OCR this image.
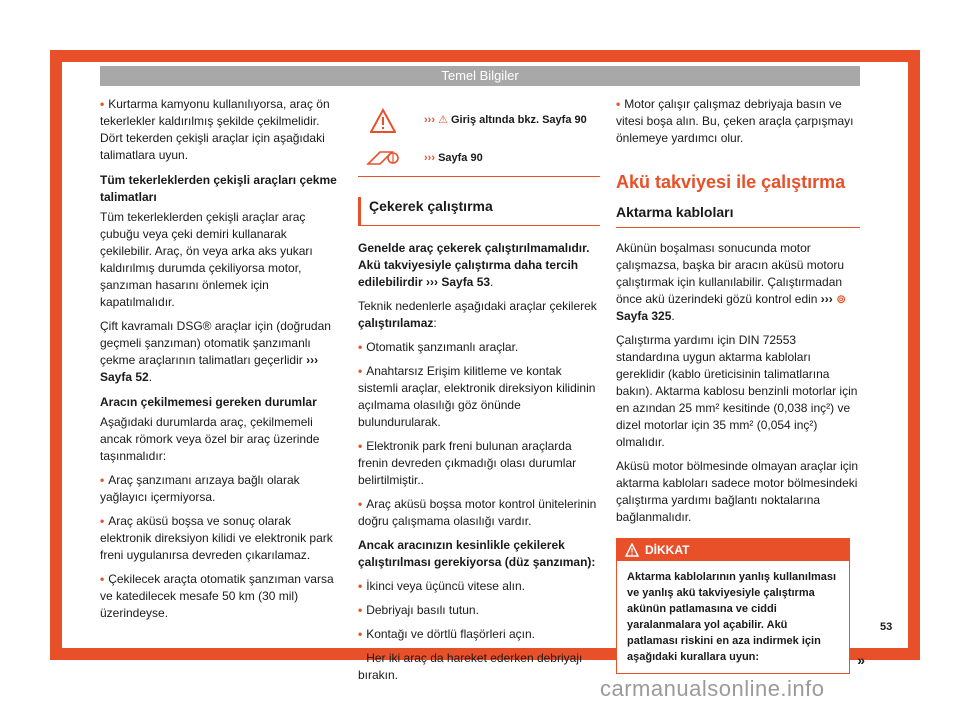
Temel Bilgiler

• Kurtarma kamyonu kullanılıyorsa, araç ön tekerlekler kaldırılmış şekilde çekilmelidir. Dört tekerden çekişli araçlar için aşağıdaki talimatlara uyun.

Tüm tekerleklerden çekişli araçları çekme talimatları

Tüm tekerleklerden çekişli araçlar araç çubuğu veya çeki demiri kullanarak çekilebilir. Araç, ön veya arka aks yukarı kaldırılmış durumda çekiliyorsa motor, şanzıman hasarını önlemek için kapatılmalıdır.

Çift kavramalı DSG® araçlar için (doğrudan geçmeli şanzıman) otomatik şanzımanlı çekme araçlarının talimatları geçerlidir ››› Sayfa 52.

Aracın çekilmemesi gereken durumlar

Aşağıdaki durumlarda araç, çekilmemeli ancak römork veya özel bir araç üzerinde taşınmalıdır:

• Araç şanzımanı arızaya bağlı olarak yağlayıcı içermiyorsa.

• Araç aküsü boşsa ve sonuç olarak elektronik direksiyon kilidi ve elektronik park freni uygulanırsa devreden çıkarılamaz.

• Çekilecek araçta otomatik şanzıman varsa ve katedilecek mesafe 50 km (30 mil) üzerindeyse.

››› ⚠ Giriş altında bkz. Sayfa 90
››› Sayfa 90
Çekerek çalıştırma

Genelde araç çekerek çalıştırılmamalıdır. Akü takviyesiyle çalıştırma daha tercih edilebilirdir ››› Sayfa 53.

Teknik nedenlerle aşağıdaki araçlar çekilerek çalıştırılamaz:

• Otomatik şanzımanlı araçlar.

• Anahtarsız Erişim kilitleme ve kontak sistemli araçlar, elektronik direksiyon kilidinin açılmama olasılığı göz önünde bulundurularak.

• Elektronik park freni bulunan araçlarda frenin devreden çıkmadığı olası durumlar belirtilmiştir..

• Araç aküsü boşsa motor kontrol ünitelerinin doğru çalışmama olasılığı vardır.

Ancak aracınızın kesinlikle çekilerek çalıştırılması gerekiyorsa (düz şanzıman):

• İkinci veya üçüncü vitese alın.

• Debriyajı basılı tutun.

• Kontağı ve dörtlü flaşörleri açın.

• Her iki araç da hareket ederken debriyajı bırakın.

• Motor çalışır çalışmaz debriyaja basın ve vitesi boşa alın. Bu, çeken araçla çarpışmayı önlemeye yardımcı olur.

Akü takviyesi ile çalıştırma
Aktarma kabloları

Akünün boşalması sonucunda motor çalışmazsa, başka bir aracın aküsü motoru çalıştırmak için kullanılabilir. Çalıştırmadan önce akü üzerindeki gözü kontrol edin ››› ⊚ Sayfa 325.

Çalıştırma yardımı için DIN 72553 standardına uygun aktarma kabloları gereklidir (kablo üreticisinin talimatlarına bakın). Aktarma kablosu benzinli motorlar için en azından 25 mm² kesitinde (0,038 inç²) ve dizel motorlar için 35 mm² (0,054 inç²) olmalıdır.

Aküsü motor bölmesinde olmayan araçlar için aktarma kabloları sadece motor bölmesindeki çalıştırma yardımı bağlantı noktalarına bağlanmalıdır.

DİKKAT
Aktarma kablolarının yanlış kullanılması ve yanlış akü takviyesiyle çalıştırma akünün patlamasına ve ciddi yaralanmalara yol açabilir. Akü patlaması riskini en aza indirmek için aşağıdaki kurallara uyun:	»
53
carmanualsonline.info
